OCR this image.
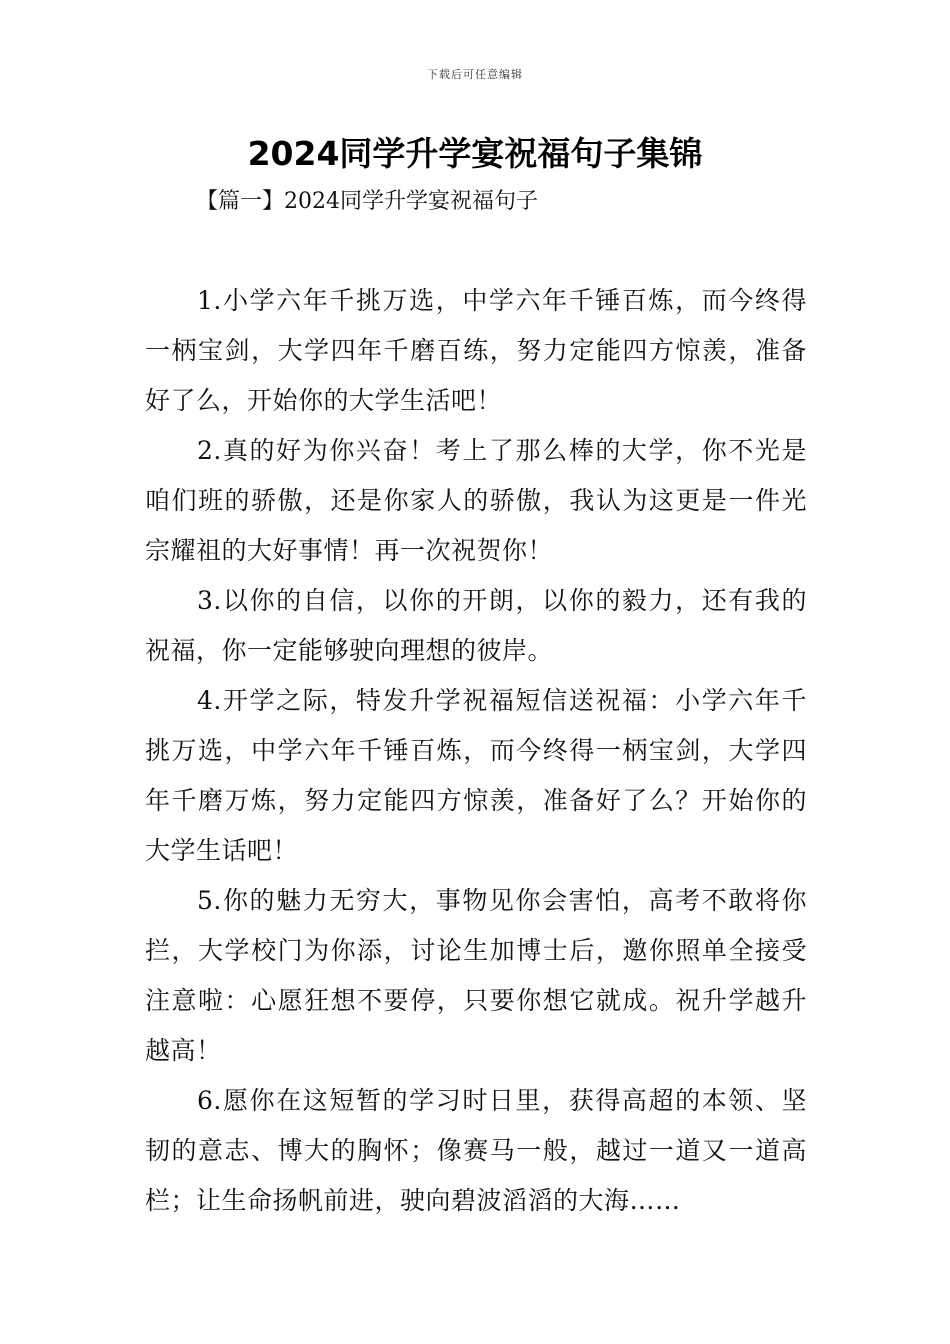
下载后可任意编辑
2024同学升学宴祝福句子集锦
【篇一】2024同学升学宴祝福句子

1.小学六年千挑万选，中学六年千锤百炼，而今终得一柄宝剑，大学四年千磨百练，努力定能四方惊羡，准备好了么，开始你的大学生活吧！

2.真的好为你兴奋！考上了那么棒的大学，你不光是咱们班的骄傲，还是你家人的骄傲，我认为这更是一件光宗耀祖的大好事情！再一次祝贺你！

3.以你的自信，以你的开朗，以你的毅力，还有我的祝福，你一定能够驶向理想的彼岸。

4.开学之际，特发升学祝福短信送祝福：小学六年千挑万选，中学六年千锤百炼，而今终得一柄宝剑，大学四年千磨万炼，努力定能四方惊羡，准备好了么？开始你的大学生话吧！

5.你的魅力无穷大，事物见你会害怕，高考不敢将你拦，大学校门为你添，讨论生加博士后，邀你照单全接受注意啦：心愿狂想不要停，只要你想它就成。祝升学越升越高！

6.愿你在这短暂的学习时日里，获得高超的本领、坚韧的意志、博大的胸怀；像赛马一般，越过一道又一道高栏；让生命扬帆前进，驶向碧波滔滔的大海……
